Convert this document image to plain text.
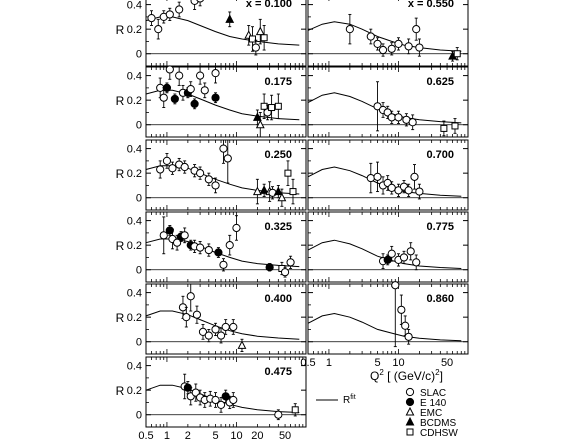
0
0.2
0.4
R
x = 0.100	x = 0.550
0
0.2
0.4
R
0.175	0.625
0
0.2
0.4
R
0.250	0.700
0
0.2
0.4
R
0.325	0.775
0
0.2
0.4
R
0.400	0.860
0
0.2
0.4
R
0.5 1 2 5 10 20 50
0.475
0.5 1	5 10	50
$Q^2$ [ $(GeV/c)^2$]
$R^{fit}$	SLAC
E 140
EMC
BCDMS
CDHSW
